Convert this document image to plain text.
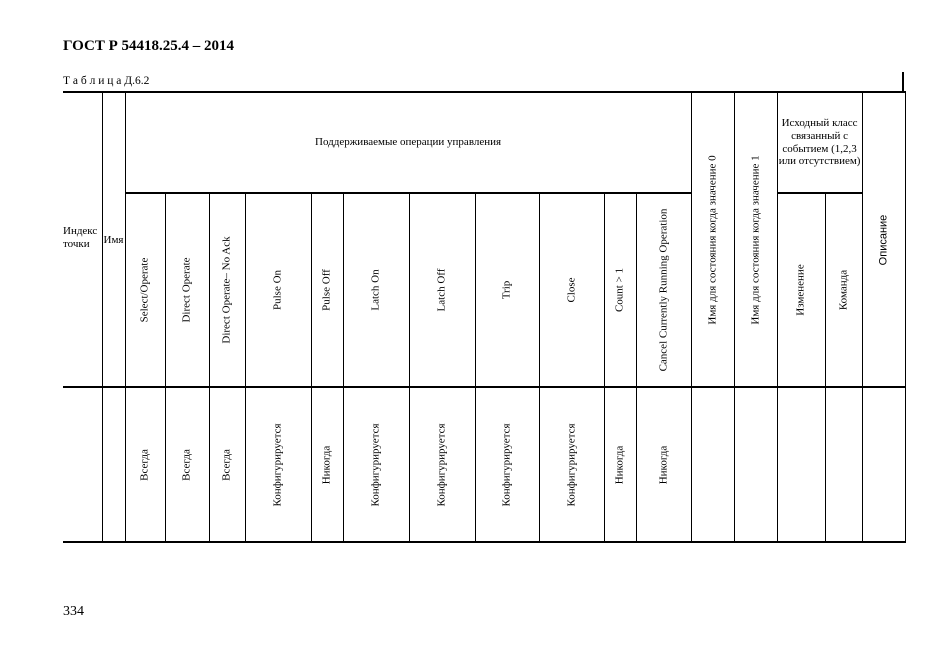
ГОСТ Р 54418.25.4 – 2014
Т а б л и ц а Д.6.2
Индекс точки	Имя	Поддерживаемые операции управления											Имя для состояния когда значение 0	Имя для состояния когда значение 1	Исходный класс связанный с событием (1,2,3 или отсутствием)		Описание

		Select/Operate	Direct Operate	Direct Operate– No Ack	Pulse On	Pulse Off	Latch On	Latch Off	Trip	Close	Count > 1	Cancel Currently Running Operation			Изменение	Команда	

		Всегда	Всегда	Всегда	Конфигурируется	Никогда	Конфигурируется	Конфигурируется	Конфигурируется	Конфигурируется	Никогда	Никогда					

334
